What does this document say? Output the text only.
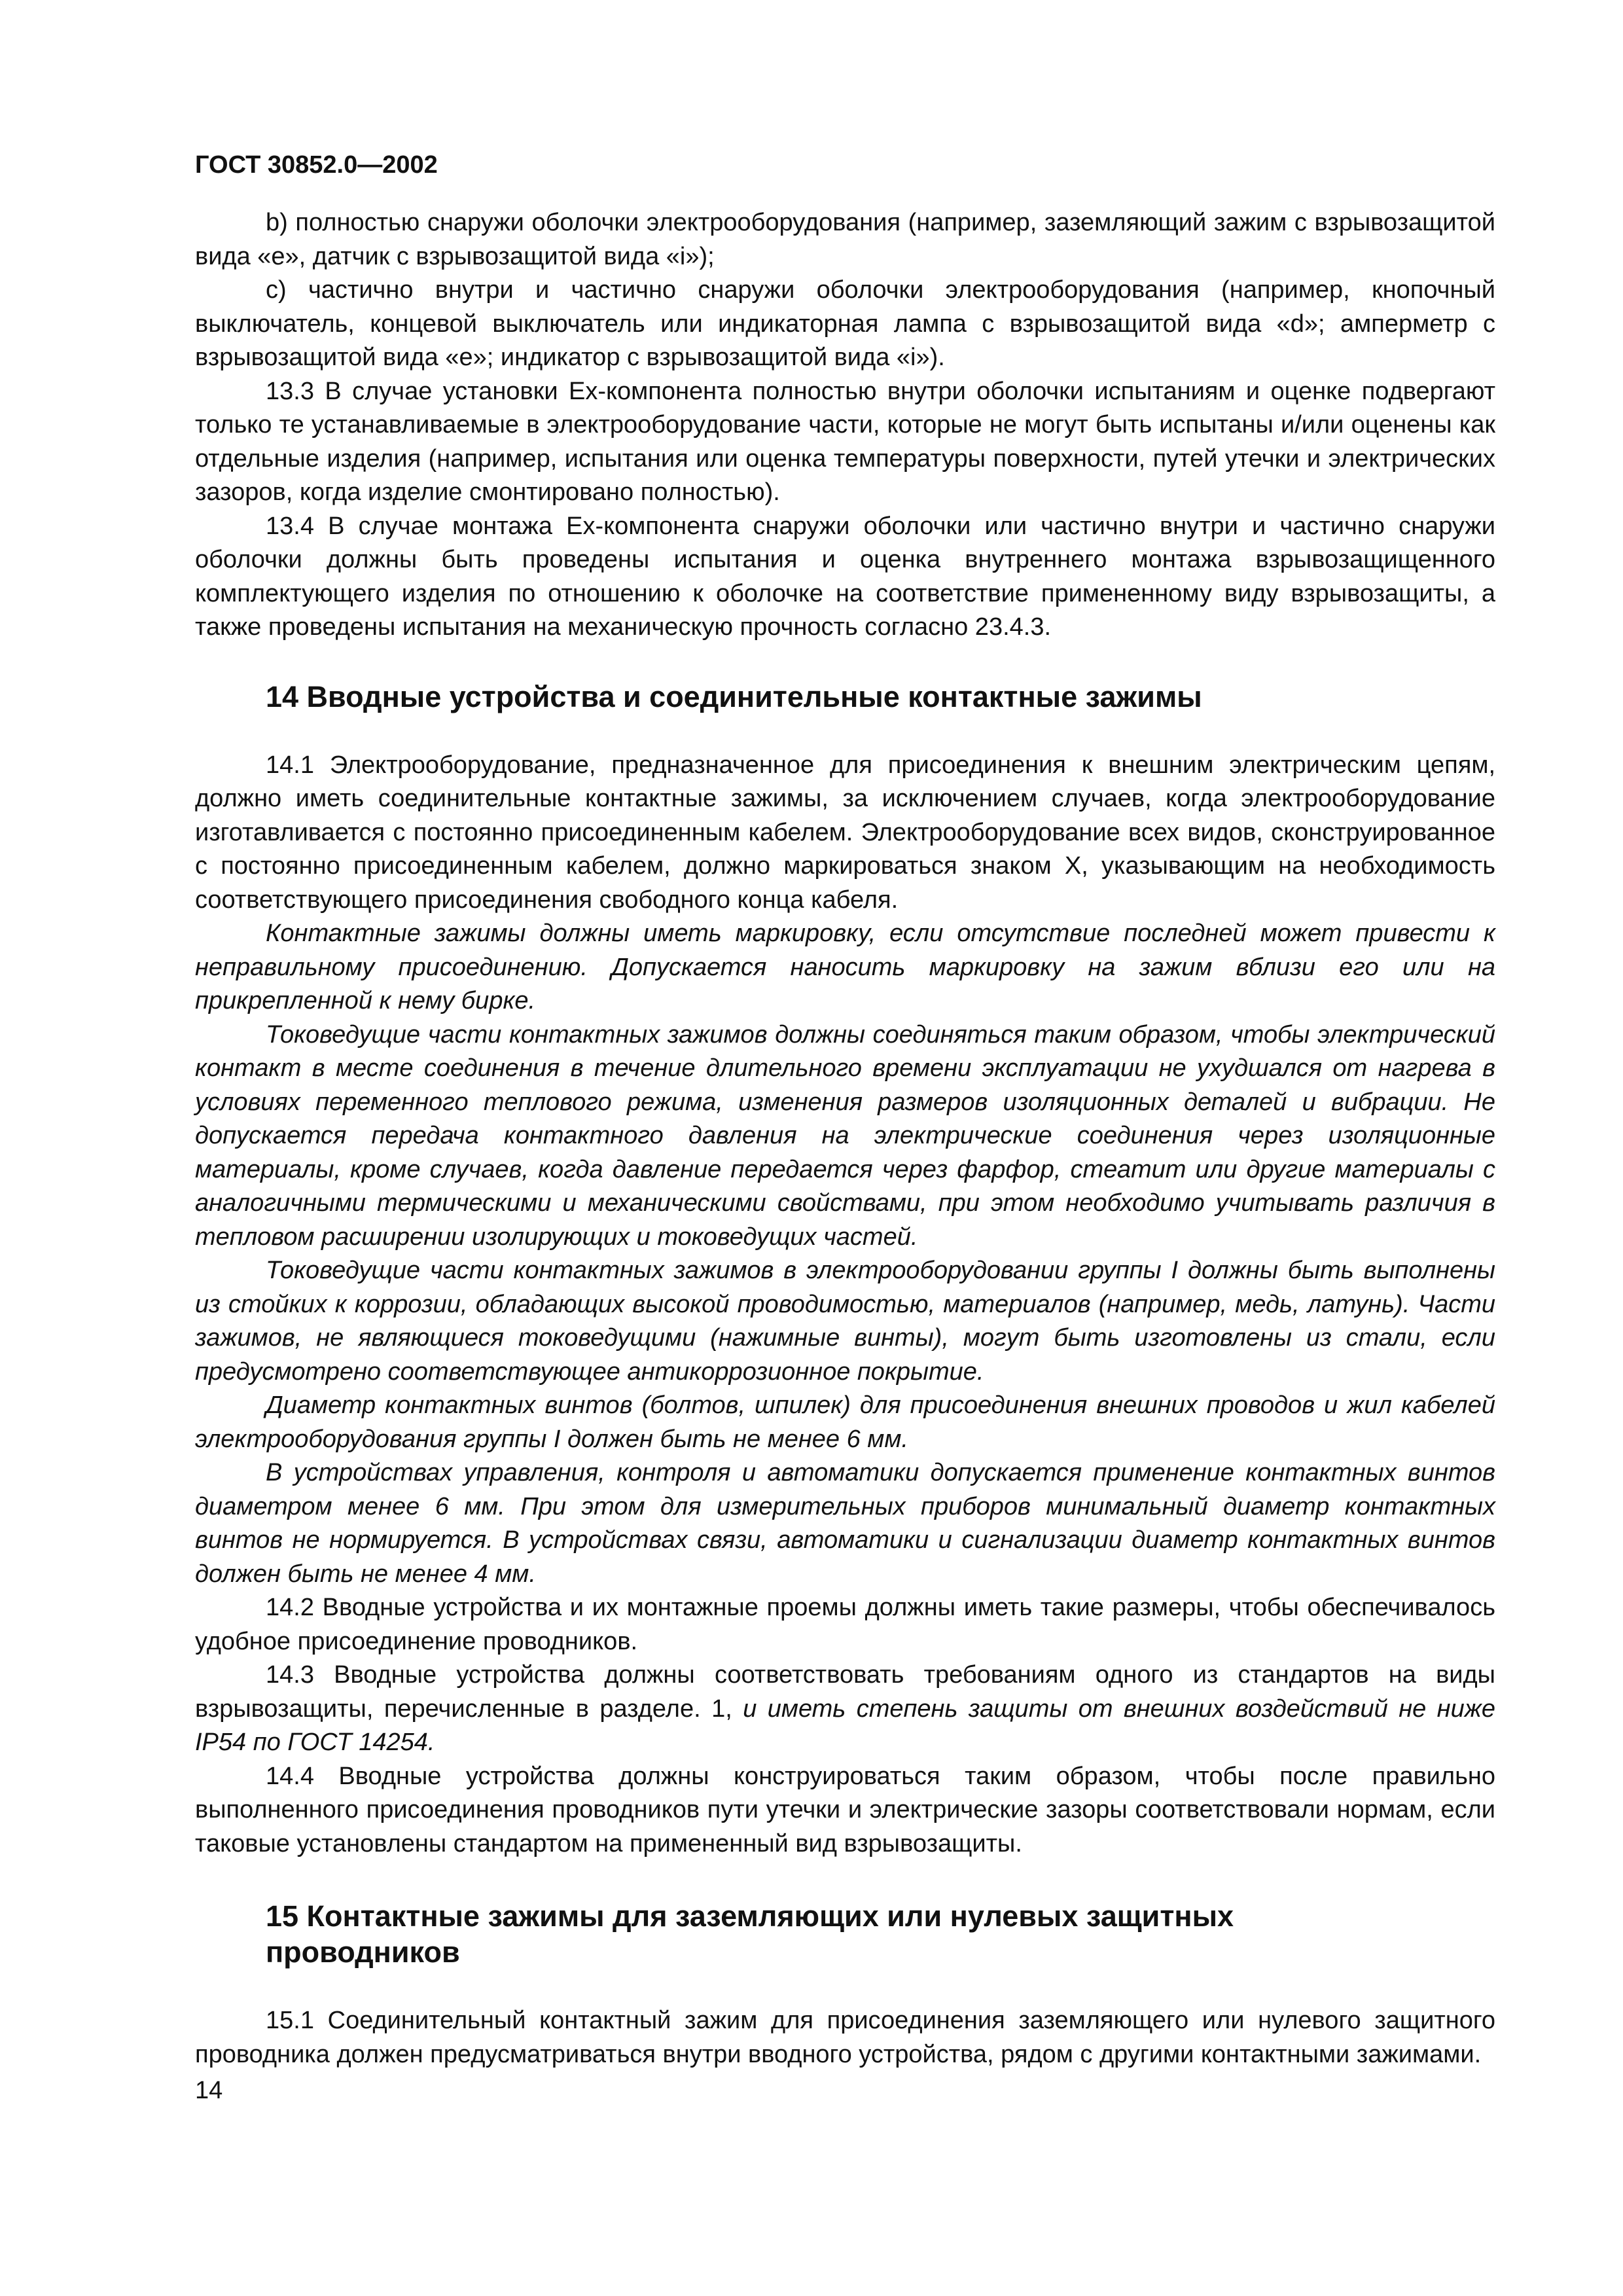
ГОСТ 30852.0—2002

b) полностью снаружи оболочки электрооборудования (например, заземляющий зажим с взрывозащитой вида «е», датчик с взрывозащитой вида «i»);

с) частично внутри и частично снаружи оболочки электрооборудования (например, кнопочный выключатель, концевой выключатель или индикаторная лампа с взрывозащитой вида «d»; амперметр с взрывозащитой вида «е»; индикатор с взрывозащитой вида «i»).

13.3 В случае установки Ex-компонента полностью внутри оболочки испытаниям и оценке подвергают только те устанавливаемые в электрооборудование части, которые не могут быть испытаны и/или оценены как отдельные изделия (например, испытания или оценка температуры поверхности, путей утечки и электрических зазоров, когда изделие смонтировано полностью).

13.4 В случае монтажа Ex-компонента снаружи оболочки или частично внутри и частично снаружи оболочки должны быть проведены испытания и оценка внутреннего монтажа взрывозащищенного комплектующего изделия по отношению к оболочке на соответствие примененному виду взрывозащиты, а также проведены испытания на механическую прочность согласно 23.4.3.

14 Вводные устройства и соединительные контактные зажимы

14.1 Электрооборудование, предназначенное для присоединения к внешним электрическим цепям, должно иметь соединительные контактные зажимы, за исключением случаев, когда электрооборудование изготавливается с постоянно присоединенным кабелем. Электрооборудование всех видов, сконструированное с постоянно присоединенным кабелем, должно маркироваться знаком X, указывающим на необходимость соответствующего присоединения свободного конца кабеля.

Контактные зажимы должны иметь маркировку, если отсутствие последней может привести к неправильному присоединению. Допускается наносить маркировку на зажим вблизи его или на прикрепленной к нему бирке.

Токоведущие части контактных зажимов должны соединяться таким образом, чтобы электрический контакт в месте соединения в течение длительного времени эксплуатации не ухудшался от нагрева в условиях переменного теплового режима, изменения размеров изоляционных деталей и вибрации. Не допускается передача контактного давления на электрические соединения через изоляционные материалы, кроме случаев, когда давление передается через фарфор, стеатит или другие материалы с аналогичными термическими и механическими свойствами, при этом необходимо учитывать различия в тепловом расширении изолирующих и токоведущих частей.

Токоведущие части контактных зажимов в электрооборудовании группы I должны быть выполнены из стойких к коррозии, обладающих высокой проводимостью, материалов (например, медь, латунь). Части зажимов, не являющиеся токоведущими (нажимные винты), могут быть изготовлены из стали, если предусмотрено соответствующее антикоррозионное покрытие.

Диаметр контактных винтов (болтов, шпилек) для присоединения внешних проводов и жил кабелей электрооборудования группы I должен быть не менее 6 мм.

В устройствах управления, контроля и автоматики допускается применение контактных винтов диаметром менее 6 мм. При этом для измерительных приборов минимальный диаметр контактных винтов не нормируется. В устройствах связи, автоматики и сигнализации диаметр контактных винтов должен быть не менее 4 мм.

14.2 Вводные устройства и их монтажные проемы должны иметь такие размеры, чтобы обеспечивалось удобное присоединение проводников.

14.3 Вводные устройства должны соответствовать требованиям одного из стандартов на виды взрывозащиты, перечисленные в разделе. 1, и иметь степень защиты от внешних воздействий не ниже IP54 по ГОСТ 14254.

14.4 Вводные устройства должны конструироваться таким образом, чтобы после правильно выполненного присоединения проводников пути утечки и электрические зазоры соответствовали нормам, если таковые установлены стандартом на примененный вид взрывозащиты.

15 Контактные зажимы для заземляющих или нулевых защитных
проводников

15.1 Соединительный контактный зажим для присоединения заземляющего или нулевого защитного проводника должен предусматриваться внутри вводного устройства, рядом с другими контактными зажимами.

14
